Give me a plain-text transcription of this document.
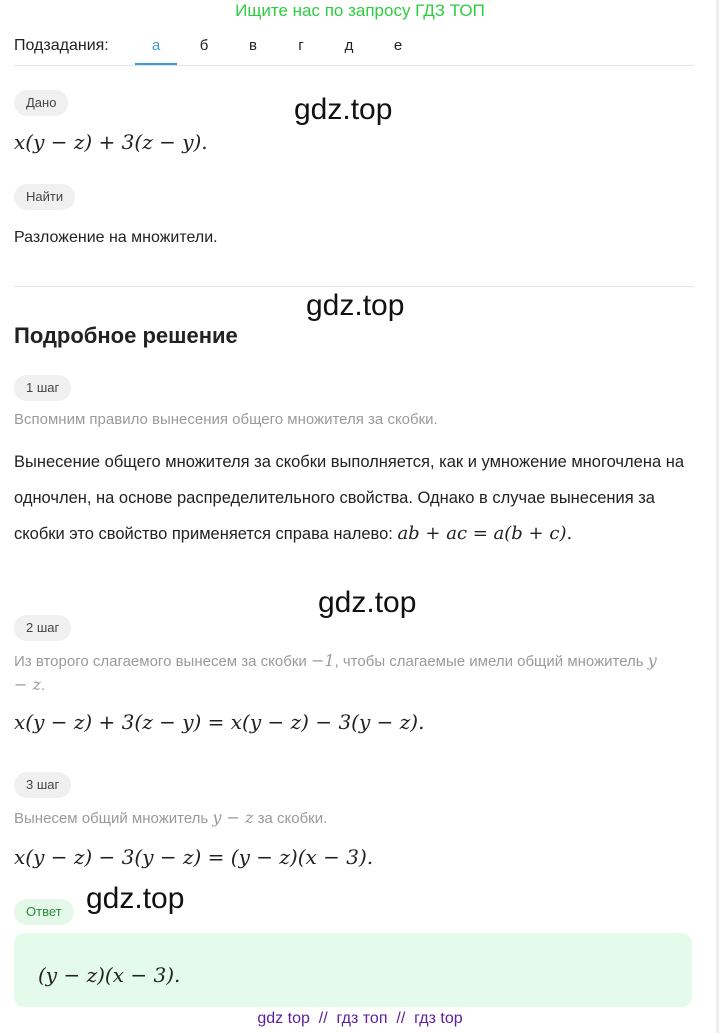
Ищите нас по запросу ГДЗ ТОП
Подзадания:	а	б	в	г	д	е
Дано	gdz.top
x(y − z) + 3(z − y).
Найти
Разложение на множители.
gdz.top
Подробное решение
1 шаг
Вспомним правило вынесения общего множителя за скобки.
Вынесение общего множителя за скобки выполняется, как и умножение многочлена на одночлен, на основе распределительного свойства. Однако в случае вынесения за скобки это свойство применяется справа налево: ab + ac = a(b + c).
gdz.top
2 шаг
Из второго слагаемого вынесем за скобки −1, чтобы слагаемые имели общий множитель y − z.
x(y − z) + 3(z − y) = x(y − z) − 3(y − z).
3 шаг
Вынесем общий множитель y − z за скобки.
x(y − z) − 3(y − z) = (y − z)(x − 3).
Ответ gdz.top
(y − z)(x − 3).
gdz top  //  гдз топ  //  гдз top
